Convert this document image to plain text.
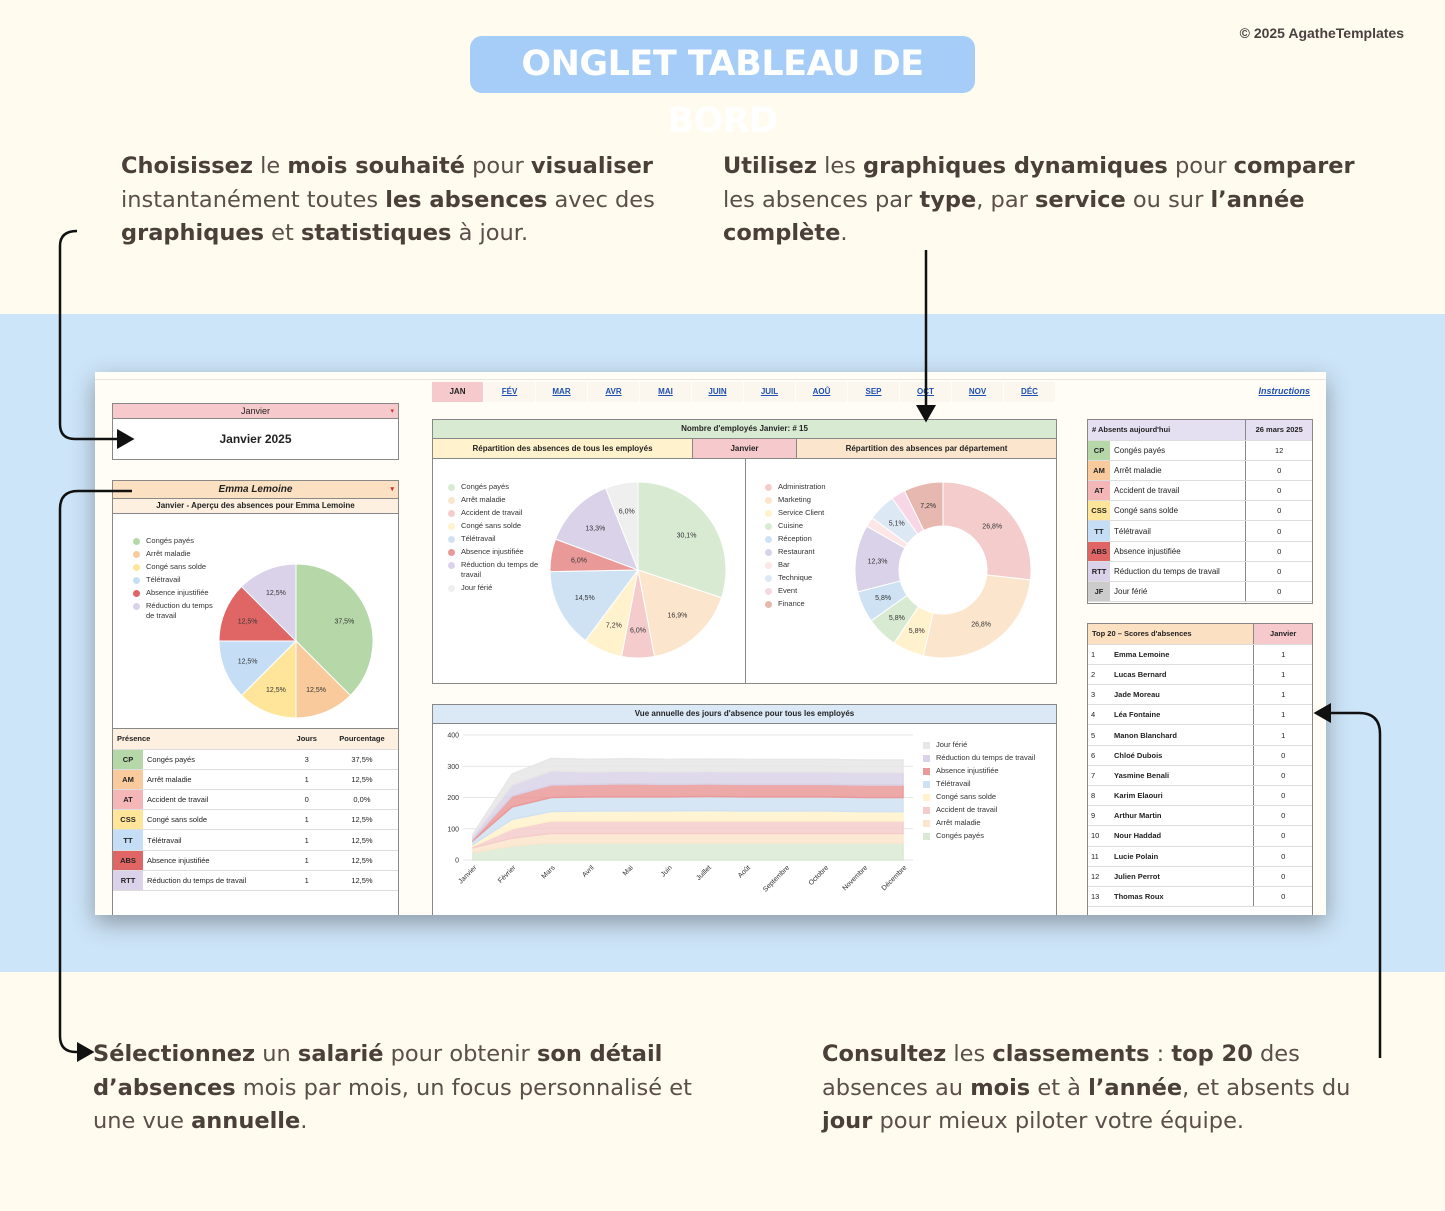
© 2025 AgatheTemplates
ONGLET TABLEAU DE BORD
Choisissez le mois souhaité pour visualiser instantanément toutes les absences avec des graphiques et statistiques à jour.
Utilisez les graphiques dynamiques pour comparer les absences par type, par service ou sur l’année complète.
JAN	FÉV	MAR	AVR	MAI	JUIN	JUIL	AOÛ	SEP	OCT	NOV	DÉC	Instructions
Janvier	▾
Janvier 2025
Emma Lemoine	▾
Janvier - Aperçu des absences pour Emma Lemoine
Congés payés
Arrêt maladie
Congé sans solde
Télétravail
Absence injustifiée
Réduction du temps de travail
37,5%
12,5%
12,5%
12,5%
12,5%
12,5%
Présence		Jours	Pourcentage
CP	Congés payés	3	37,5%
AM	Arrêt maladie	1	12,5%
AT	Accident de travail	0	0,0%
CSS	Congé sans solde	1	12,5%
TT	Télétravail	1	12,5%
ABS	Absence injustifiée	1	12,5%
RTT	Réduction du temps de travail	1	12,5%
Nombre d'employés Janvier: # 15
Répartition des absences de tous les employés	Janvier	Répartition des absences par département
Congés payés
Arrêt maladie
Accident de travail
Congé sans solde
Télétravail
Absence injustifiée
Réduction du temps de travail
Jour férié
30,1%
16,9%
6,0%
7,2%
14,5%
6,0%
13,3%
6,0%
Administration
Marketing
Service Client
Cuisine
Réception
Restaurant
Bar
Technique
Event
Finance
26,8%
26,8%
5,8%
5,8%
5,8%
12,3%
5,1%
7,2%
Vue annuelle des jours d'absence pour tous les employés
0
100
200
300
400
Janvier	Février	Mars	Avril	Mai	Juin	Juillet	Août Septembre Octobre Novembre Décembre
Jour férié
Réduction du temps de travail
Absence injustifiée
Télétravail
Congé sans solde
Accident de travail
Arrêt maladie
Congés payés
# Absents aujourd'hui		26 mars 2025
CP	Congés payés	12
AM	Arrêt maladie	0
AT	Accident de travail	0
CSS	Congé sans solde	0
TT	Télétravail	0
ABS	Absence injustifiée	0
RTT	Réduction du temps de travail	0
JF	Jour férié	0
Top 20 – Scores d'absences		Janvier
1	Emma Lemoine	1
2	Lucas Bernard	1
3	Jade Moreau	1
4	Léa Fontaine	1
5	Manon Blanchard	1
6	Chloé Dubois	0
7	Yasmine Benali	0
8	Karim Elaouri	0
9	Arthur Martin	0
10	Nour Haddad	0
11	Lucie Polain	0
12	Julien Perrot	0
13	Thomas Roux	0
Sélectionnez un salarié pour obtenir son détail d’absences mois par mois, un focus personnalisé et une vue annuelle.
Consultez les classements : top 20 des absences au mois et à l’année, et absents du jour pour mieux piloter votre équipe.
